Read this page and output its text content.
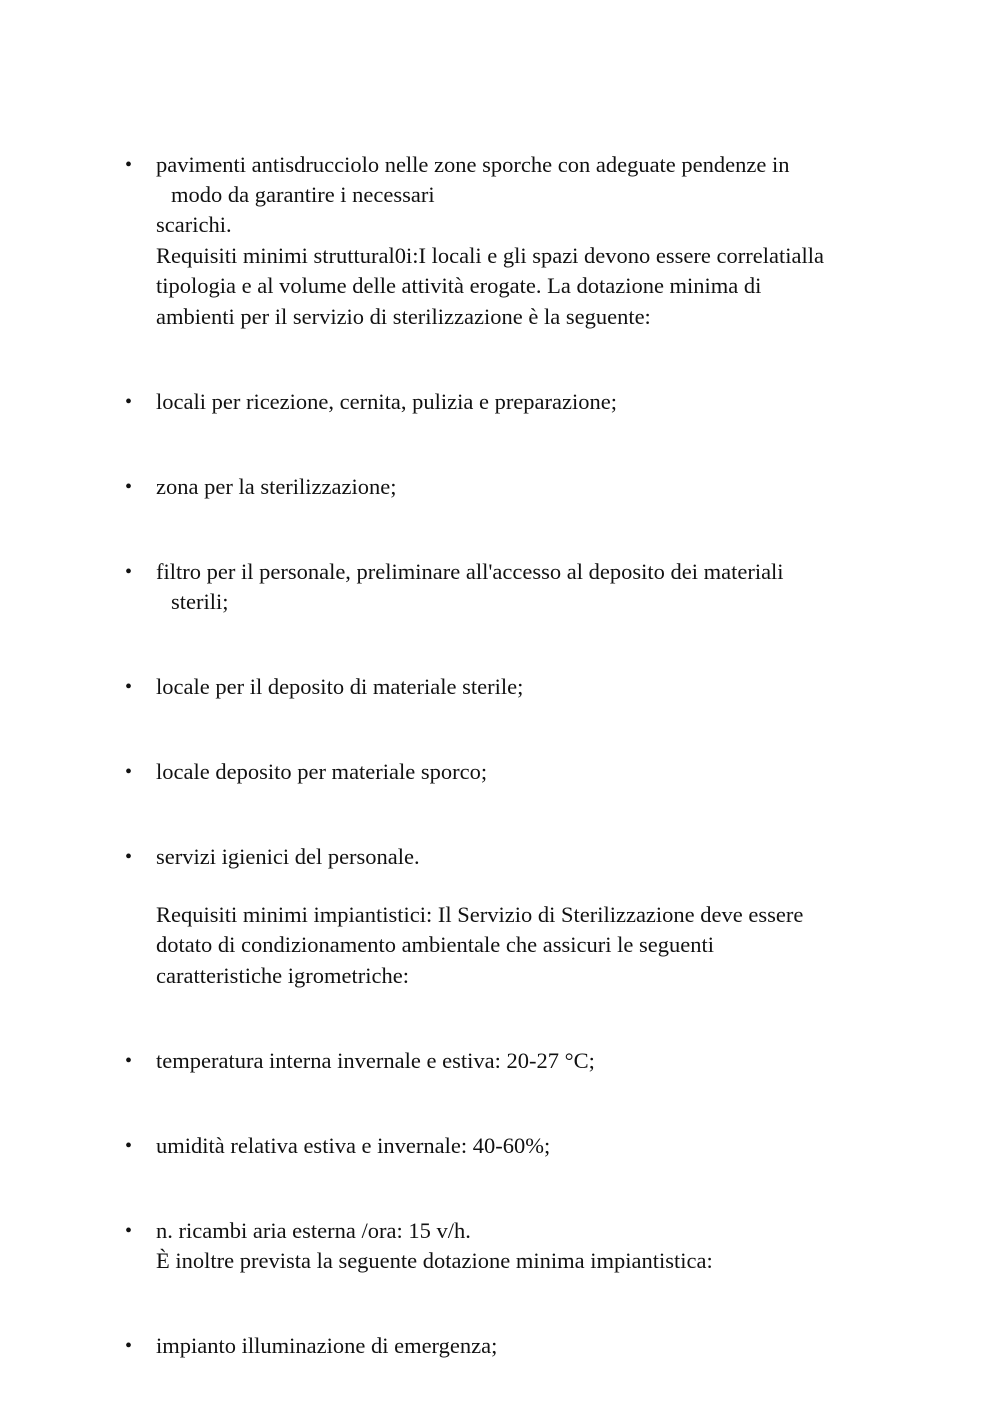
• pavimenti antisdrucciolo nelle zone sporche con adeguate pendenze in
modo da garantire i necessari
scarichi.
Requisiti minimi struttural0i:I locali e gli spazi devono essere correlatialla
tipologia e al volume delle attività erogate. La dotazione minima di
ambienti per il servizio di sterilizzazione è la seguente:
• locali per ricezione, cernita, pulizia e preparazione;
• zona per la sterilizzazione;
• filtro per il personale, preliminare all'accesso al deposito dei materiali
sterili;
• locale per il deposito di materiale sterile;
• locale deposito per materiale sporco;
• servizi igienici del personale.
Requisiti minimi impiantistici: Il Servizio di Sterilizzazione deve essere
dotato di condizionamento ambientale che assicuri le seguenti
caratteristiche igrometriche:
• temperatura interna invernale e estiva: 20-27 °C;
• umidità relativa estiva e invernale: 40-60%;
• n. ricambi aria esterna /ora: 15 v/h.
È inoltre prevista la seguente dotazione minima impiantistica:
• impianto illuminazione di emergenza;
